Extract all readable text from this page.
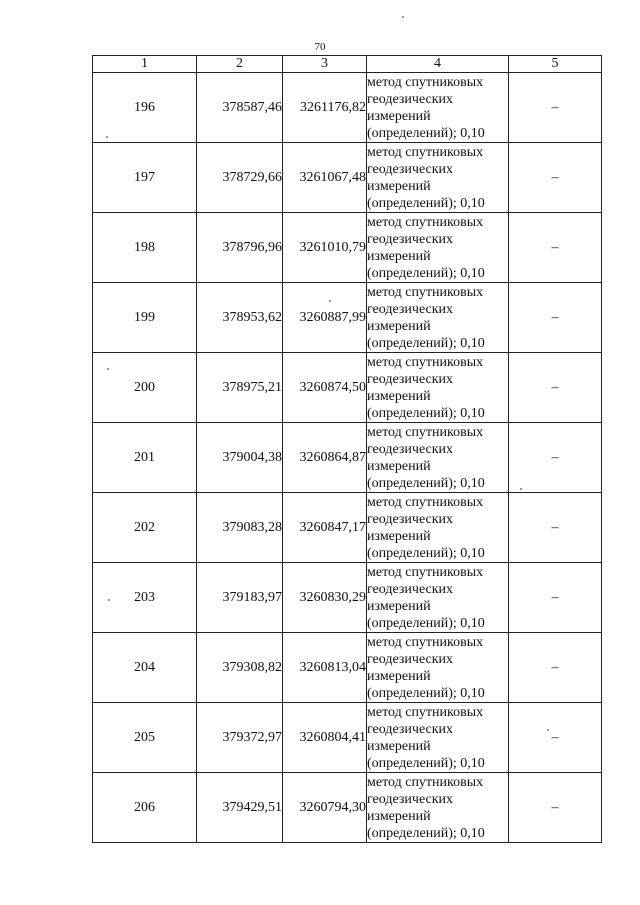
70
1	2	3	4	5
196	378587,46	3261176,82	метод спутниковых геодезических измерений (определений); 0,10	–
197	378729,66	3261067,48	метод спутниковых геодезических измерений (определений); 0,10	–
198	378796,96	3261010,79	метод спутниковых геодезических измерений (определений); 0,10	–
199	378953,62	3260887,99	метод спутниковых геодезических измерений (определений); 0,10	–
200	378975,21	3260874,50	метод спутниковых геодезических измерений (определений); 0,10	–
201	379004,38	3260864,87	метод спутниковых геодезических измерений (определений); 0,10	–
202	379083,28	3260847,17	метод спутниковых геодезических измерений (определений); 0,10	–
203	379183,97	3260830,29	метод спутниковых геодезических измерений (определений); 0,10	–
204	379308,82	3260813,04	метод спутниковых геодезических измерений (определений); 0,10	–
205	379372,97	3260804,41	метод спутниковых геодезических измерений (определений); 0,10	–
206	379429,51	3260794,30	метод спутниковых геодезических измерений (определений); 0,10	–
